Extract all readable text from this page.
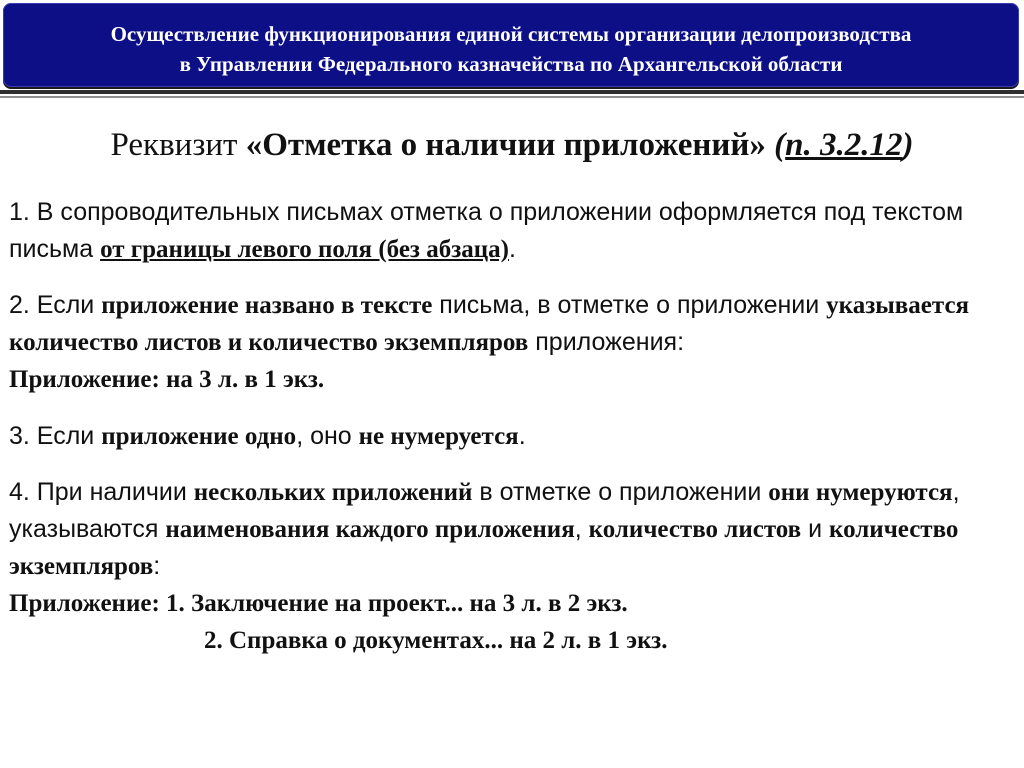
Осуществление функционирования единой системы организации делопроизводства
в Управлении Федерального казначейства по Архангельской области
Реквизит «Отметка о наличии приложений» (п. 3.2.12)

1. В сопроводительных письмах отметка о приложении оформляется под текстом письма от границы левого поля (без абзаца).

2. Если приложение названо в тексте письма, в отметке о приложении указывается количество листов и количество экземпляров приложения:

Приложение: на 3 л. в 1 экз.

3. Если приложение одно, оно не нумеруется.

4. При наличии нескольких приложений в отметке о приложении они нумеруются, указываются наименования каждого приложения, количество листов и количество экземпляров:

Приложение: 1. Заключение на проект... на 3 л. в 2 экз.
2. Справка о документах... на 2 л. в 1 экз.
